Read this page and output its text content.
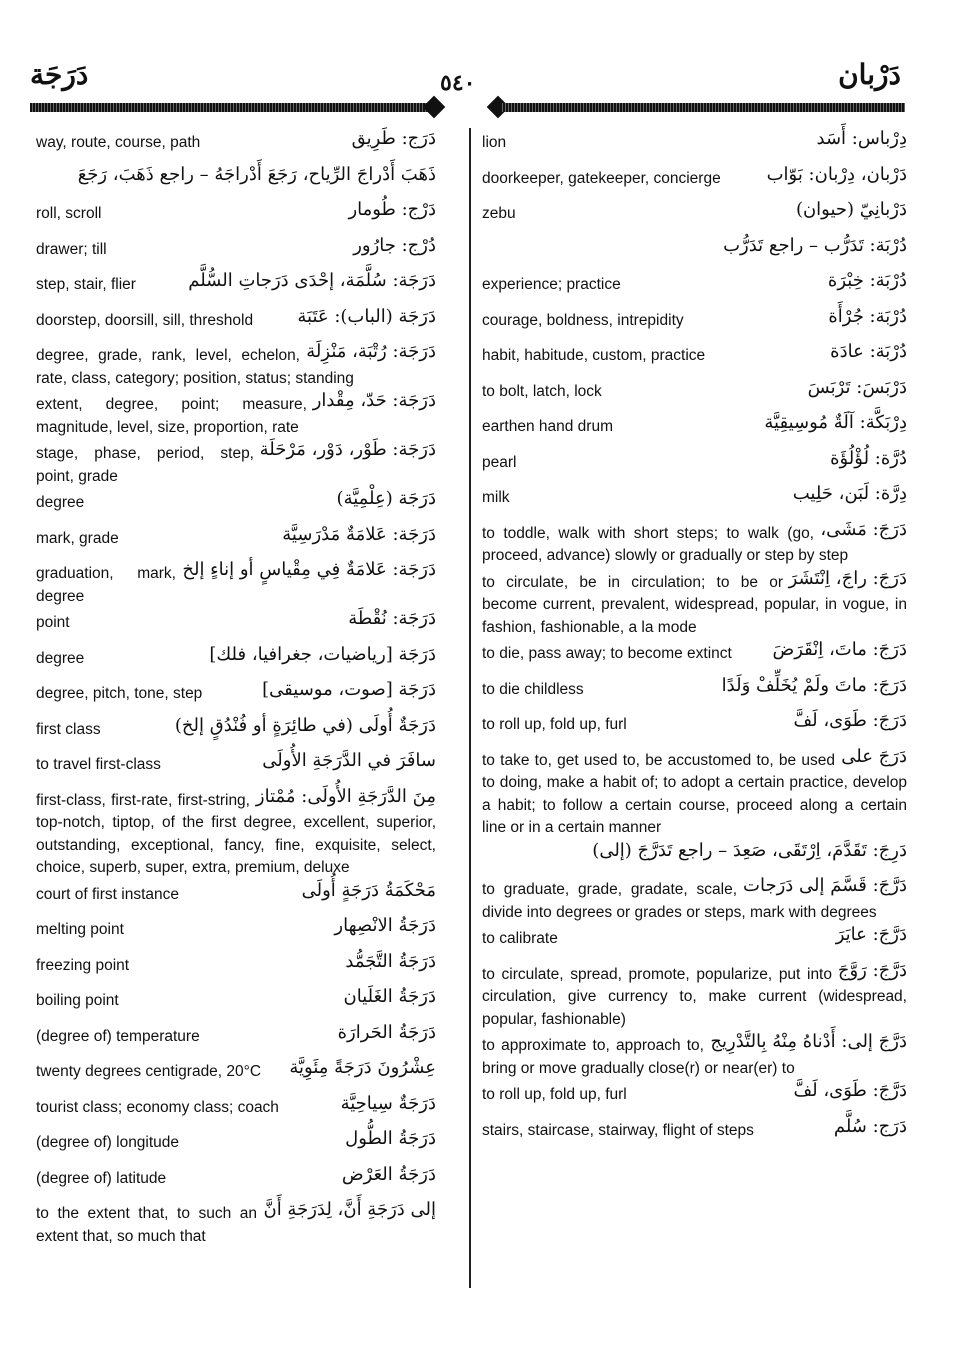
دَرَجَة	٥٤٠	دَرْبان
دَرَج: طَرِيق
way, route, course, path
ذَهَبَ أَدْراجَ الرِّياح، رَجَعَ أَدْراجَهُ – راجع ذَهَبَ، رَجَعَ
دَرْج: طُومار
roll, scroll
دُرْج: جارُور
drawer; till
دَرَجَة: سُلَّمَة، إحْدَى دَرَجاتِ السُّلَّم
step, stair, flier
دَرَجَة (الباب): عَتَبَة
doorstep, doorsill, sill, threshold
دَرَجَة: رُتْبَة، مَنْزِلَة
degree, grade, rank, level, echelon, rate, class, category; position, status; standing
دَرَجَة: حَدّ، مِقْدار
extent, degree, point; measure, magnitude, level, size, proportion, rate
دَرَجَة: طَوْر، دَوْر، مَرْحَلَة
stage, phase, period, step, point, grade
دَرَجَة (عِلْمِيَّة)
degree
دَرَجَة: عَلامَةٌ مَدْرَسِيَّة
mark, grade
دَرَجَة: عَلامَةٌ فِي مِقْياسٍ أو إناءٍ إلخ
graduation, mark, degree
دَرَجَة: نُقْطَة
point
دَرَجَة [رياضيات، جغرافيا، فلك]
degree
دَرَجَة [صوت، موسيقى]
degree, pitch, tone, step
دَرَجَةٌ أُولَى (في طائِرَةٍ أو فُنْدُقٍ إلخ)
first class
سافَرَ في الدَّرَجَةِ الأُولَى
to travel first-class
مِنَ الدَّرَجَةِ الأُولَى: مُمْتاز
first-class, first-rate, first-string, top-notch, tiptop, of the first degree, excellent, superior, outstanding, exceptional, fancy, fine, exquisite, select, choice, superb, super, extra, premium, deluxe
مَحْكَمَةُ دَرَجَةٍ أُولَى
court of first instance
دَرَجَةُ الانْصِهار
melting point
دَرَجَةُ التَّجَمُّد
freezing point
دَرَجَةُ الغَلَيان
boiling point
دَرَجَةُ الحَرارَة
(degree of) temperature
عِشْرُونَ دَرَجَةً مِئَوِيَّة
twenty degrees centigrade, 20°C
دَرَجَةٌ سِياحِيَّة
tourist class; economy class; coach
دَرَجَةُ الطُّول
(degree of) longitude
دَرَجَةُ العَرْض
(degree of) latitude
إلى دَرَجَةِ أَنَّ، لِدَرَجَةِ أَنَّ
to the extent that, to such an extent that, so much that
دِرْباس: أَسَد
lion
دَرْبان، دِرْبان: بَوّاب
doorkeeper, gatekeeper, concierge
دَرْبانِيّ (حيوان)
zebu
دُرْبَة: تَدَرُّب – راجع تَدَرُّب
دُرْبَة: خِبْرَة
experience; practice
دُرْبَة: جُرْأَة
courage, boldness, intrepidity
دُرْبَة: عادَة
habit, habitude, custom, practice
دَرْبَسَ: تَرْبَسَ
to bolt, latch, lock
دِرْبَكَّة: آلَةٌ مُوسِيقِيَّة
earthen hand drum
دُرَّة: لُؤْلُؤَة
pearl
دِرَّة: لَبَن، حَلِيب
milk
دَرَجَ: مَشَى،
to toddle, walk with short steps; to walk (go, proceed, advance) slowly or gradually or step by step
دَرَجَ: راجَ، اِنْتَشَرَ
to circulate, be in circulation; to be or become current, prevalent, widespread, popular, in vogue, in fashion, fashionable, a la mode
دَرَجَ: ماتَ، اِنْقَرَضَ
to die, pass away; to become extinct
دَرَجَ: ماتَ ولَمْ يُخَلِّفْ وَلَدًا
to die childless
دَرَجَ: طَوَى، لَفَّ
to roll up, fold up, furl
دَرَجَ على
to take to, get used to, be accustomed to, be used to doing, make a habit of; to adopt a certain practice, develop a habit; to follow a certain course, proceed along a certain line or in a certain manner
دَرِجَ: تَقَدَّمَ، اِرْتَقَى، صَعِدَ – راجع تَدَرَّجَ (إلى)
دَرَّجَ: قَسَّمَ إلى دَرَجات
to graduate, grade, gradate, scale, divide into degrees or grades or steps, mark with degrees
دَرَّجَ: عايَرَ
to calibrate
دَرَّجَ: رَوَّجَ
to circulate, spread, promote, popularize, put into circulation, give currency to, make current (widespread, popular, fashionable)
دَرَّجَ إلى: أَدْناهُ مِنْهُ بِالتَّدْرِيج
to approximate to, approach to, bring or move gradually close(r) or near(er) to
دَرَّجَ: طَوَى، لَفَّ
to roll up, fold up, furl
دَرَج: سُلَّم
stairs, staircase, stairway, flight of steps
